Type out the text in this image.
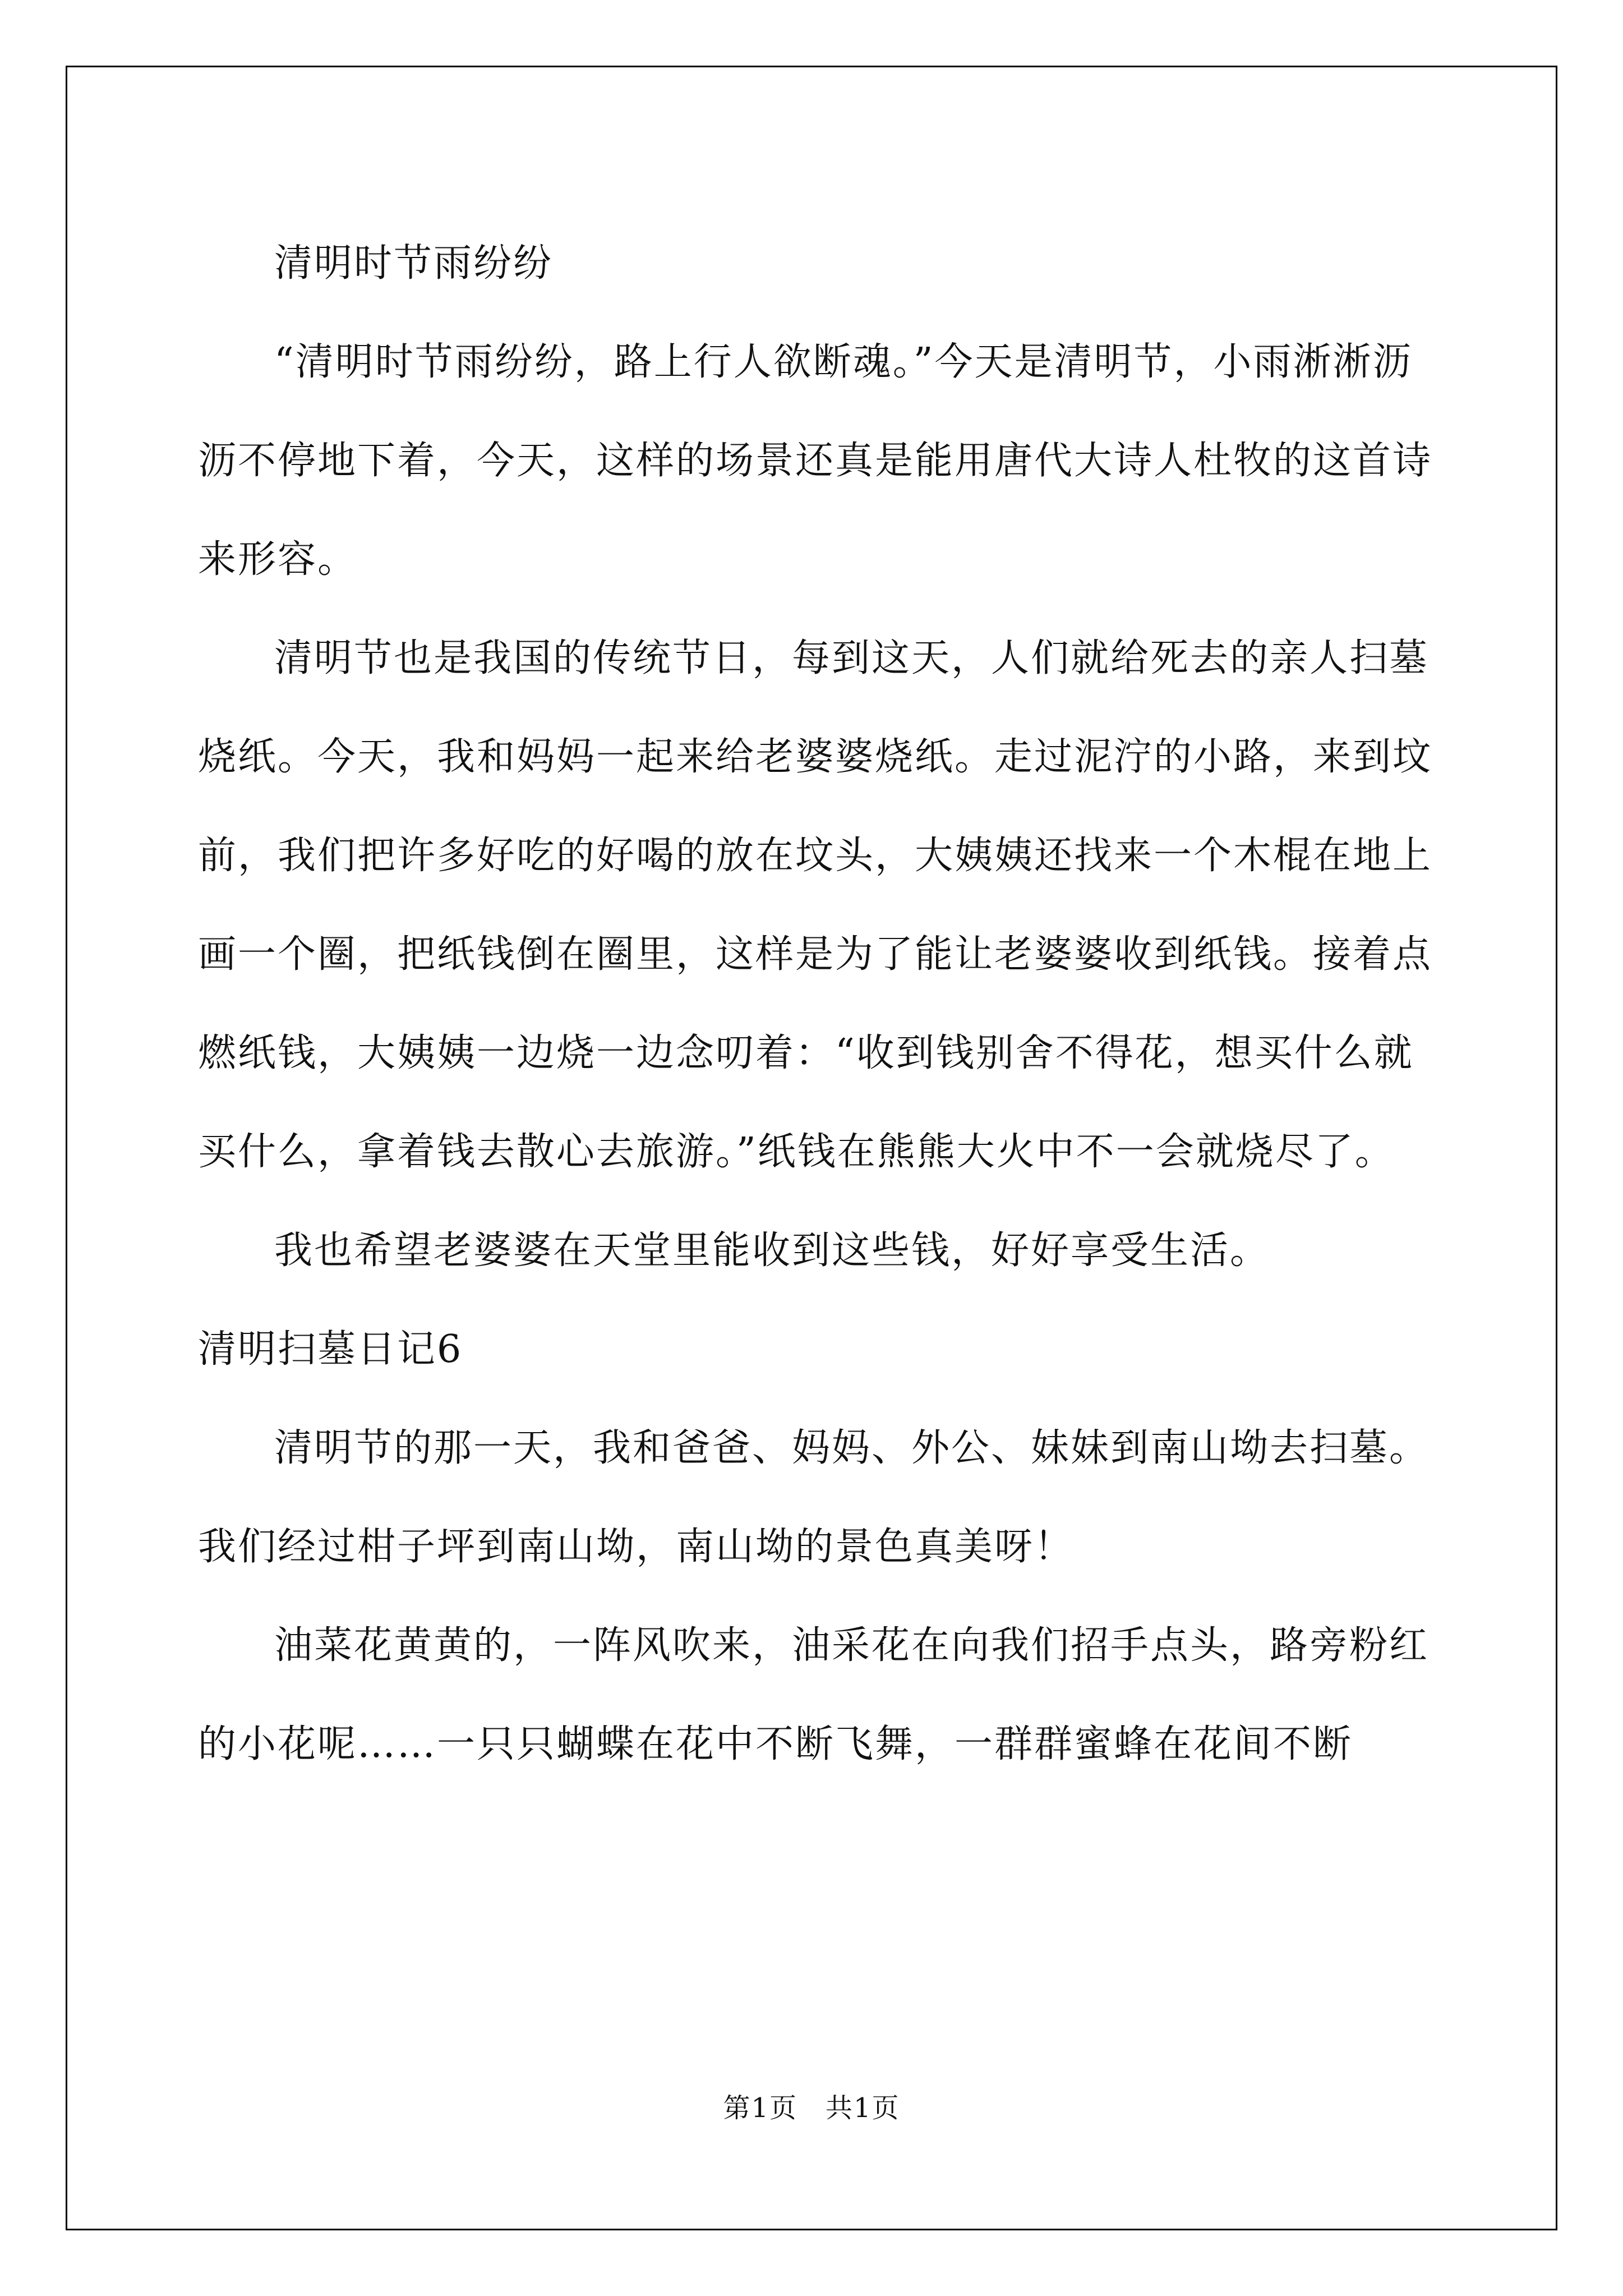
清明时节雨纷纷

“清明时节雨纷纷，路上行人欲断魂。”今天是清明节，小雨淅淅沥沥不停地下着，今天，这样的场景还真是能用唐代大诗人杜牧的这首诗来形容。

清明节也是我国的传统节日，每到这天，人们就给死去的亲人扫墓烧纸。今天，我和妈妈一起来给老婆婆烧纸。走过泥泞的小路，来到坟前，我们把许多好吃的好喝的放在坟头，大姨姨还找来一个木棍在地上画一个圈，把纸钱倒在圈里，这样是为了能让老婆婆收到纸钱。接着点燃纸钱，大姨姨一边烧一边念叨着：“收到钱别舍不得花，想买什么就买什么，拿着钱去散心去旅游。”纸钱在熊熊大火中不一会就烧尽了。

我也希望老婆婆在天堂里能收到这些钱，好好享受生活。

清明扫墓日记6

清明节的那一天，我和爸爸、妈妈、外公、妹妹到南山坳去扫墓。我们经过柑子坪到南山坳，南山坳的景色真美呀！

油菜花黄黄的，一阵风吹来，油采花在向我们招手点头，路旁粉红的小花呢……一只只蝴蝶在花中不断飞舞，一群群蜜蜂在花间不断

第1页　共1页
